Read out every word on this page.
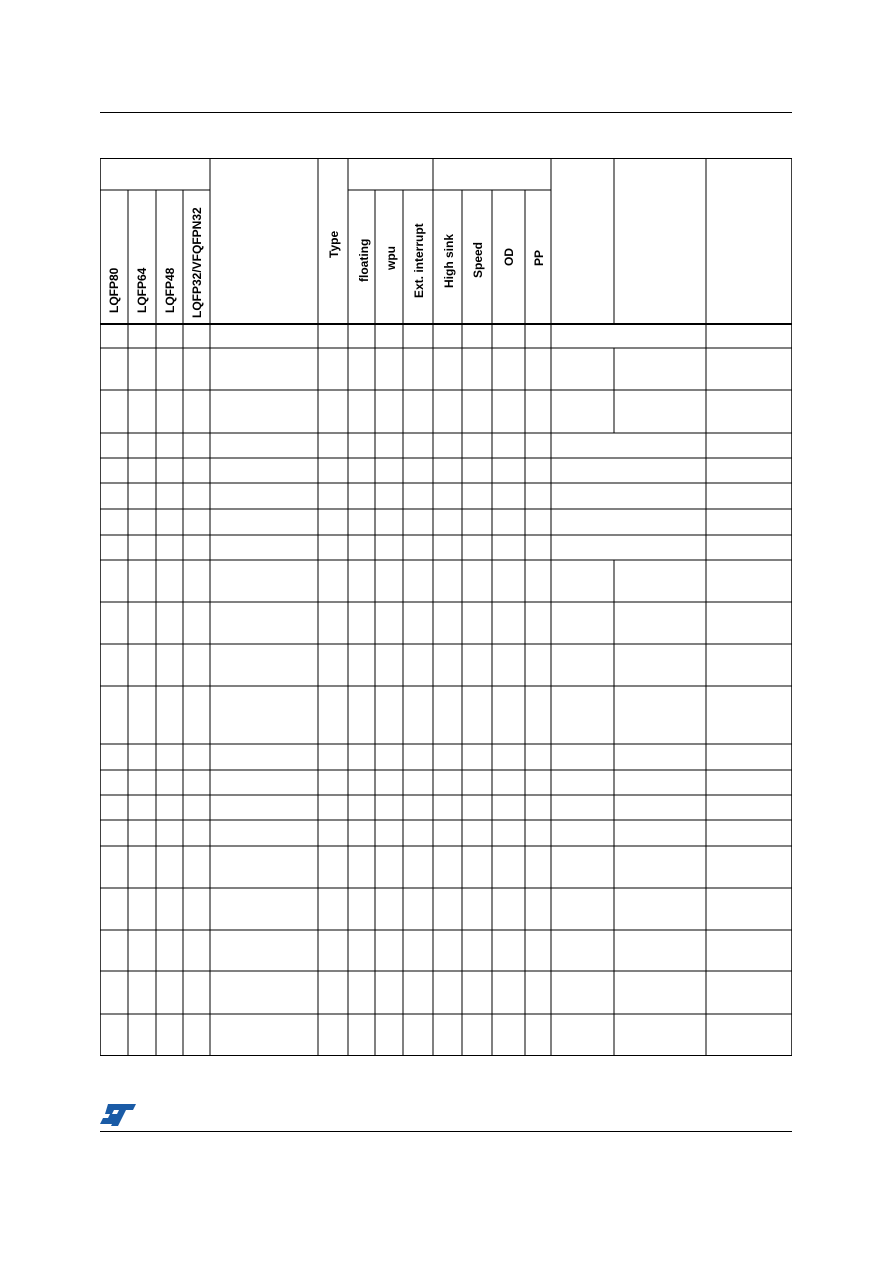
LQFP80 LQFP64 LQFP48 LQFP32/VFQFPN32	Type floating wpu Ext. interrupt High sink Speed OD PP
